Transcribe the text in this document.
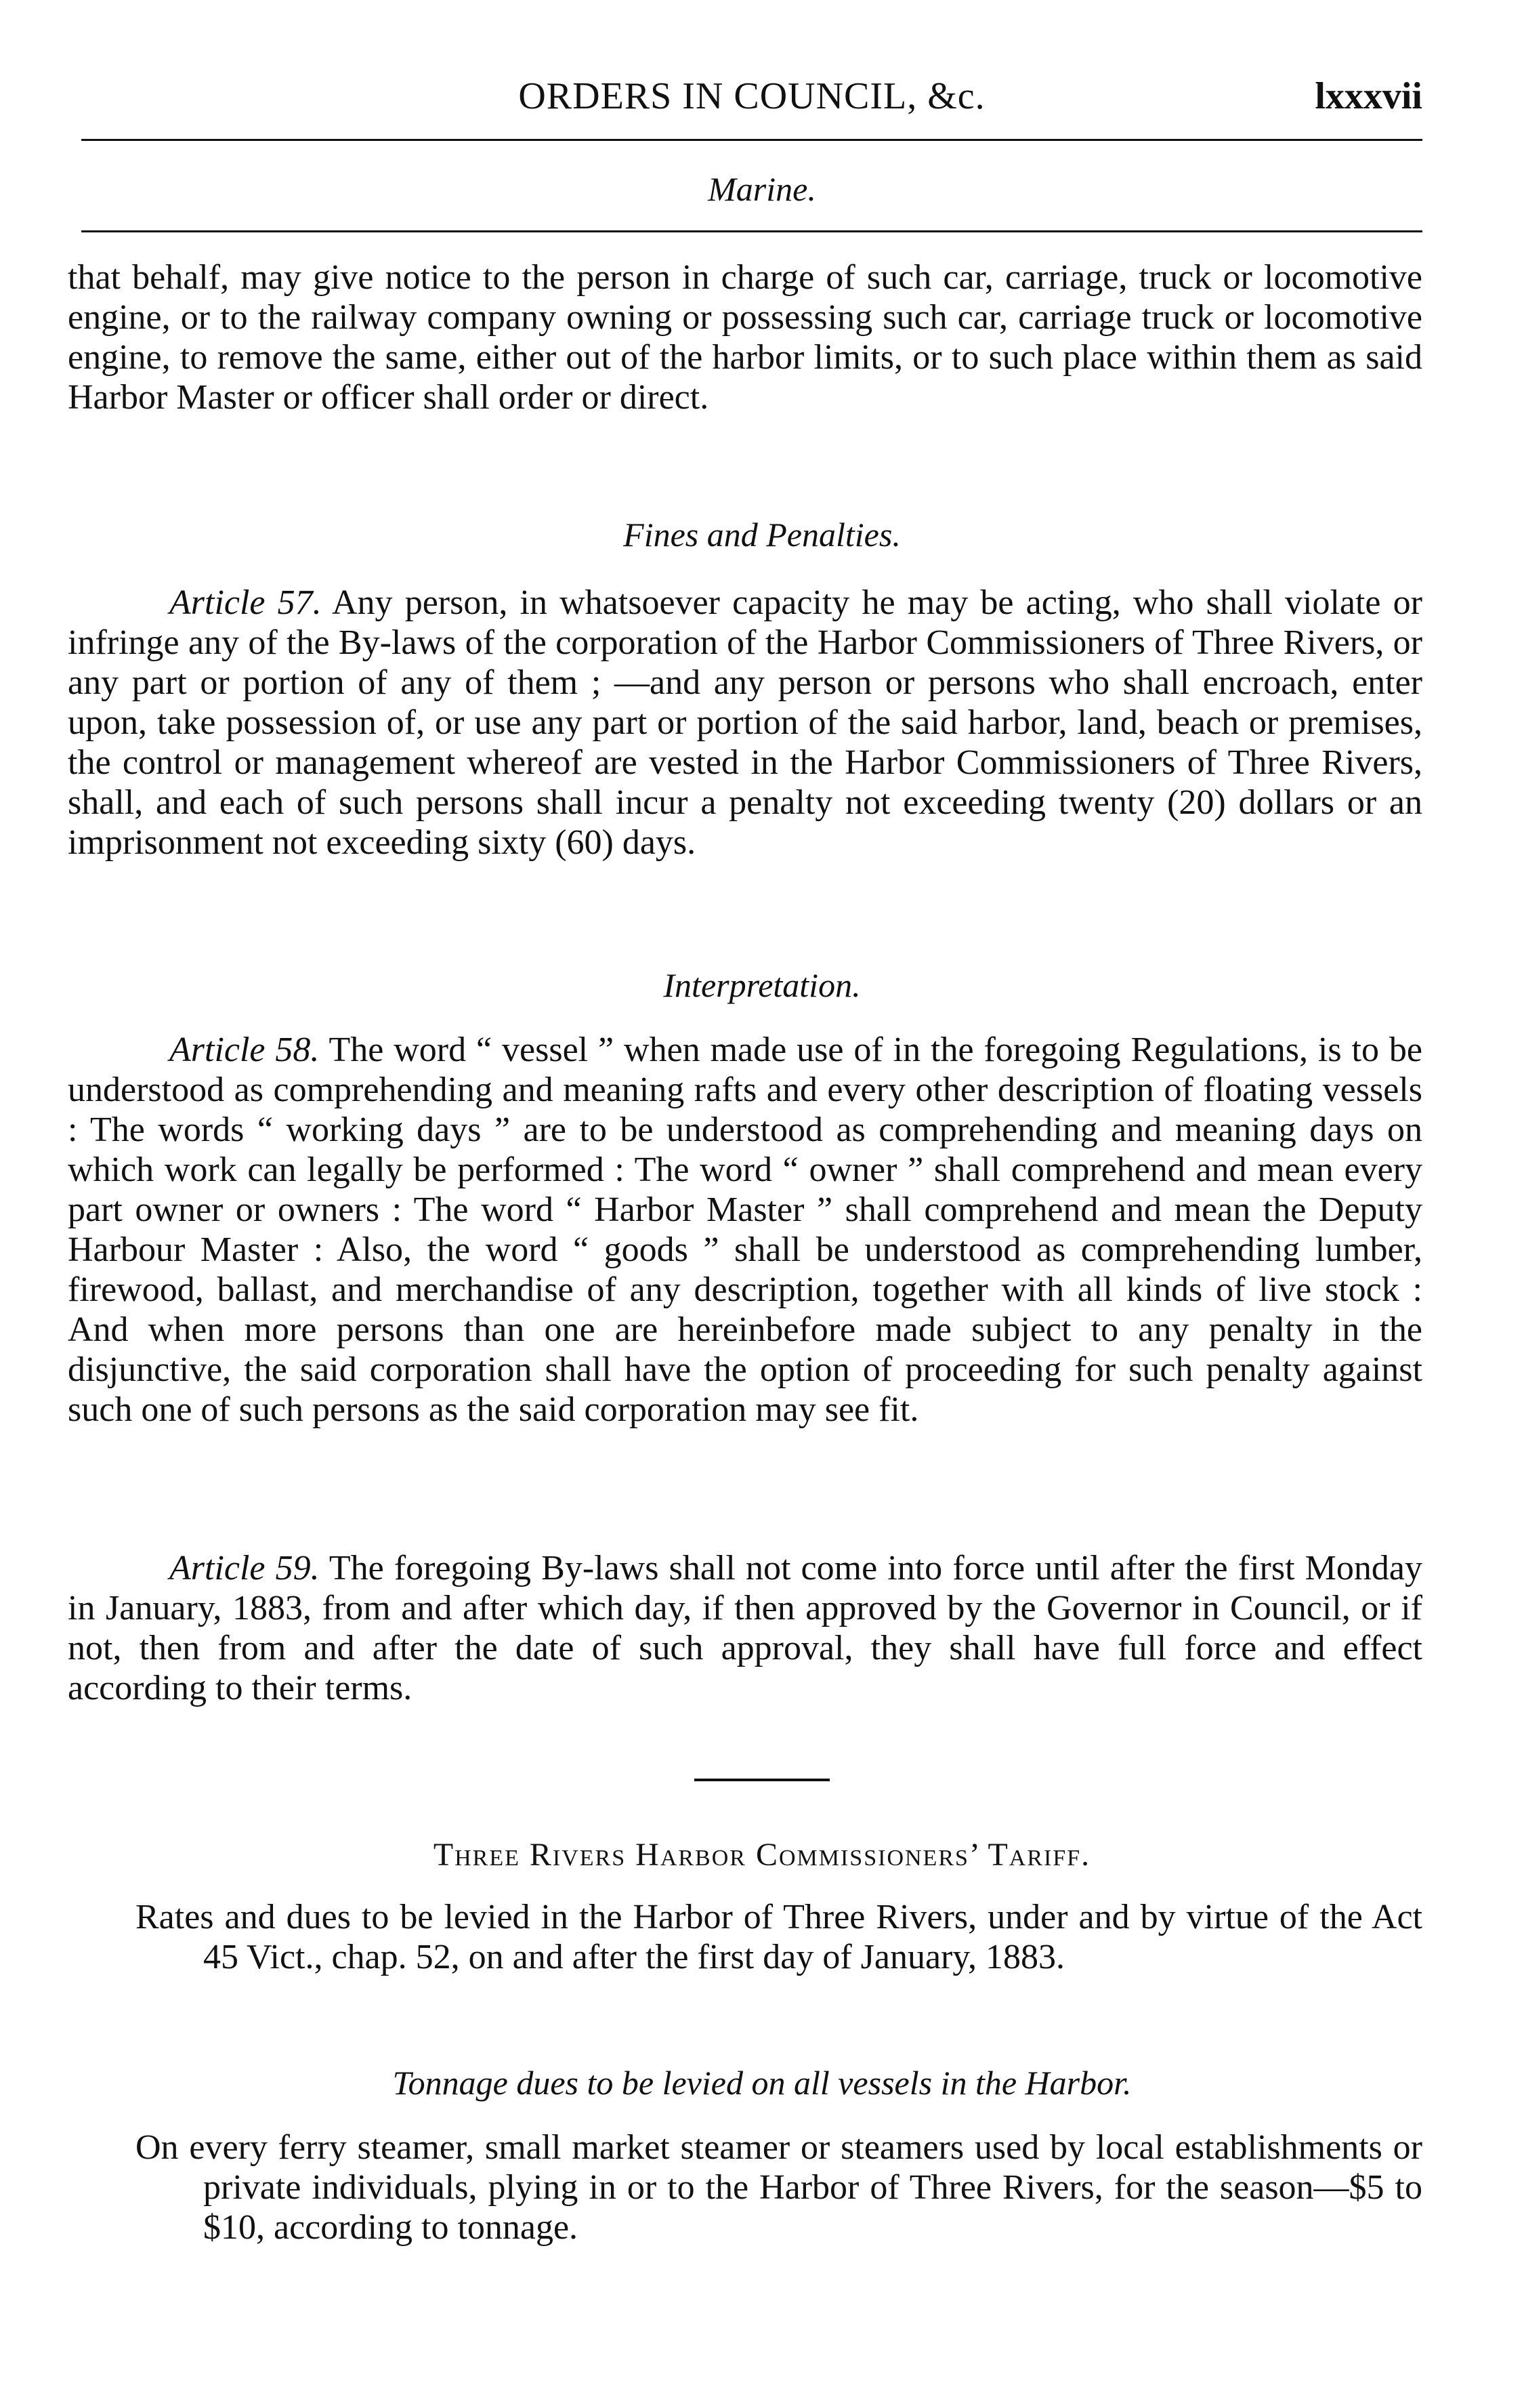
ORDERS IN COUNCIL, &c.	lxxxvii
Marine.

that behalf, may give notice to the person in charge of such car, carriage, truck or locomotive engine, or to the railway company owning or possessing such car, carriage truck or locomotive engine, to remove the same, either out of the harbor limits, or to such place within them as said Harbor Master or officer shall order or direct.

Fines and Penalties.

Article 57. Any person, in whatsoever capacity he may be acting, who shall violate or infringe any of the By-laws of the corporation of the Harbor Commissioners of Three Rivers, or any part or portion of any of them ; —and any person or persons who shall encroach, enter upon, take possession of, or use any part or portion of the said harbor, land, beach or premises, the control or management whereof are vested in the Harbor Commissioners of Three Rivers, shall, and each of such persons shall incur a penalty not exceeding twenty (20) dollars or an imprisonment not exceeding sixty (60) days.

Interpretation.

Article 58. The word “ vessel ” when made use of in the foregoing Regulations, is to be understood as comprehending and meaning rafts and every other description of floating vessels : The words “ working days ” are to be understood as comprehending and meaning days on which work can legally be performed : The word “ owner ” shall comprehend and mean every part owner or owners : The word “ Harbor Master ” shall comprehend and mean the Deputy Harbour Master : Also, the word “ goods ” shall be understood as comprehending lumber, firewood, ballast, and merchandise of any description, together with all kinds of live stock : And when more persons than one are hereinbefore made subject to any penalty in the disjunctive, the said corporation shall have the option of proceeding for such penalty against such one of such persons as the said corporation may see fit.

Article 59. The foregoing By-laws shall not come into force until after the first Monday in January, 1883, from and after which day, if then approved by the Governor in Council, or if not, then from and after the date of such approval, they shall have full force and effect according to their terms.

Three Rivers Harbor Commissioners’ Tariff.

Rates and dues to be levied in the Harbor of Three Rivers, under and by virtue of the Act 45 Vict., chap. 52, on and after the first day of January, 1883.

Tonnage dues to be levied on all vessels in the Harbor.

On every ferry steamer, small market steamer or steamers used by local establishments or private individuals, plying in or to the Harbor of Three Rivers, for the season—$5 to $10, according to tonnage.
